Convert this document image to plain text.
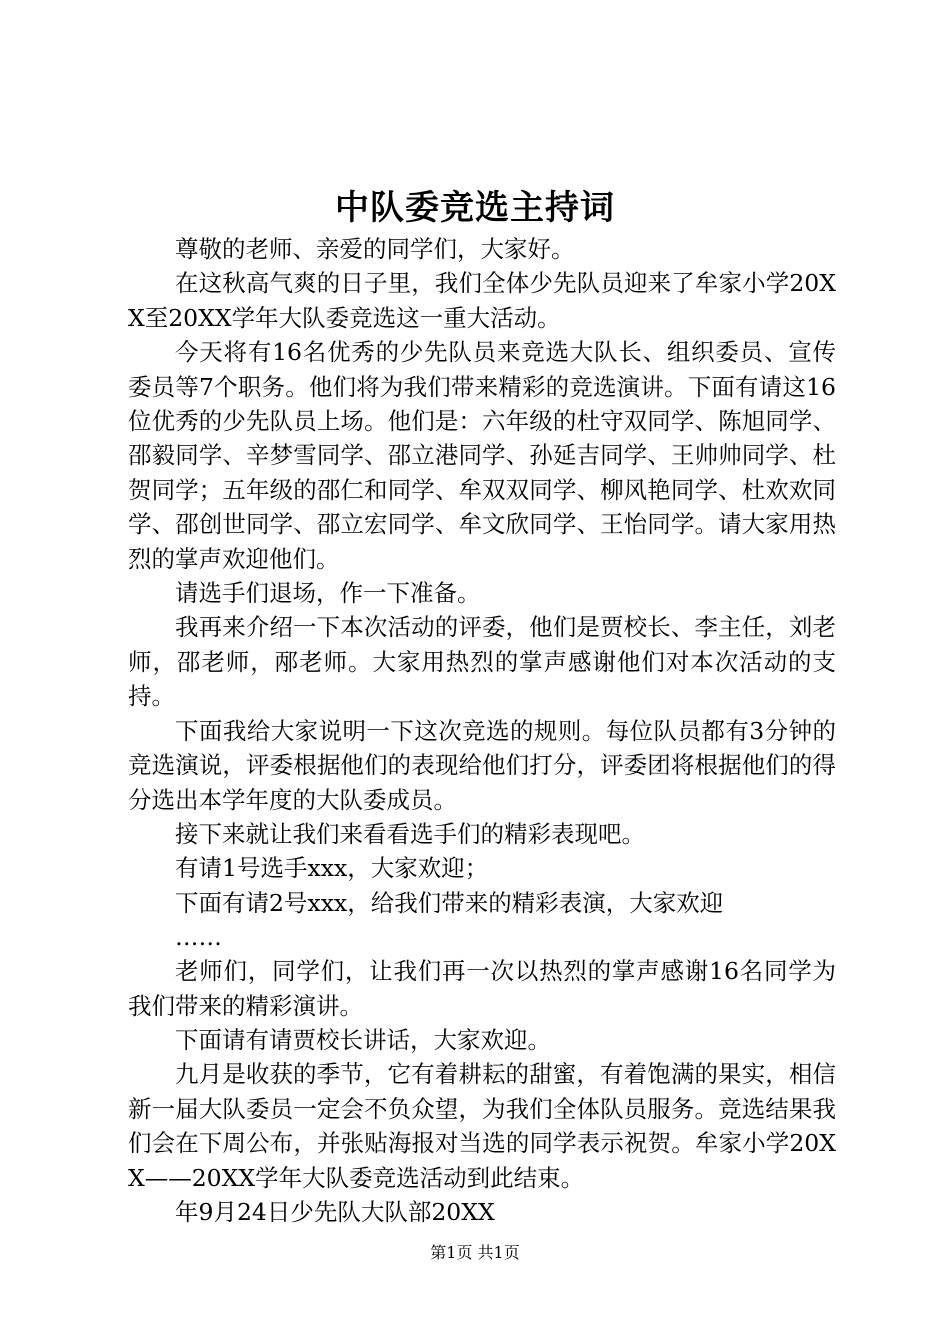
中队委竞选主持词

尊敬的老师、亲爱的同学们，大家好。

在这秋高气爽的日子里，我们全体少先队员迎来了牟家小学20XX至20XX学年大队委竞选这一重大活动。

今天将有16名优秀的少先队员来竞选大队长、组织委员、宣传委员等7个职务。他们将为我们带来精彩的竞选演讲。下面有请这16位优秀的少先队员上场。他们是：六年级的杜守双同学、陈旭同学、邵毅同学、辛梦雪同学、邵立港同学、孙延吉同学、王帅帅同学、杜贺同学；五年级的邵仁和同学、牟双双同学、柳风艳同学、杜欢欢同学、邵创世同学、邵立宏同学、牟文欣同学、王怡同学。请大家用热烈的掌声欢迎他们。

请选手们退场，作一下准备。

我再来介绍一下本次活动的评委，他们是贾校长、李主任，刘老师，邵老师，邴老师。大家用热烈的掌声感谢他们对本次活动的支持。

下面我给大家说明一下这次竞选的规则。每位队员都有3分钟的竞选演说，评委根据他们的表现给他们打分，评委团将根据他们的得分选出本学年度的大队委成员。

接下来就让我们来看看选手们的精彩表现吧。

有请1号选手xxx，大家欢迎；

下面有请2号xxx，给我们带来的精彩表演，大家欢迎

……

老师们，同学们，让我们再一次以热烈的掌声感谢16名同学为我们带来的精彩演讲。

下面请有请贾校长讲话，大家欢迎。

九月是收获的季节，它有着耕耘的甜蜜，有着饱满的果实，相信新一届大队委员一定会不负众望，为我们全体队员服务。竞选结果我们会在下周公布，并张贴海报对当选的同学表示祝贺。牟家小学20XX——20XX学年大队委竞选活动到此结束。

年9月24日少先队大队部20XX

第1页 共1页
